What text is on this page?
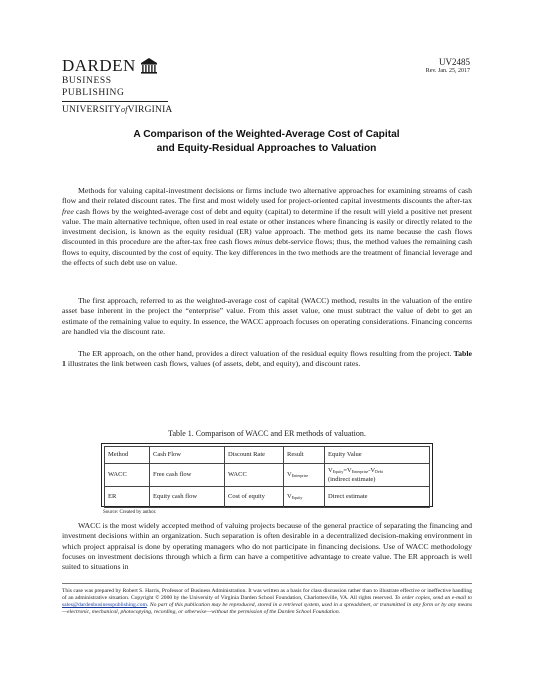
DARDEN
BUSINESS PUBLISHING
UNIVERSITYofVIRGINIA
UV2485
Rev. Jan. 25, 2017
A Comparison of the Weighted-Average Cost of Capital
and Equity-Residual Approaches to Valuation
Methods for valuing capital-investment decisions or firms include two alternative approaches for examining streams of cash flow and their related discount rates. The first and most widely used for project-oriented capital investments discounts the after-tax free cash flows by the weighted-average cost of debt and equity (capital) to determine if the result will yield a positive net present value. The main alternative technique, often used in real estate or other instances where financing is easily or directly related to the investment decision, is known as the equity residual (ER) value approach. The method gets its name because the cash flows discounted in this procedure are the after-tax free cash flows minus debt-service flows; thus, the method values the remaining cash flows to equity, discounted by the cost of equity. The key differences in the two methods are the treatment of financial leverage and the effects of such debt use on value.
The first approach, referred to as the weighted-average cost of capital (WACC) method, results in the valuation of the entire asset base inherent in the project the “enterprise” value. From this asset value, one must subtract the value of debt to get an estimate of the remaining value to equity. In essence, the WACC approach focuses on operating considerations. Financing concerns are handled via the discount rate.
The ER approach, on the other hand, provides a direct valuation of the residual equity flows resulting from the project. Table 1 illustrates the link between cash flows, values (of assets, debt, and equity), and discount rates.
Table 1. Comparison of WACC and ER methods of valuation.
Method	Cash Flow	Discount Rate	Result	Equity Value
WACC	Free cash flow	WACC	$V_{Enterprise}$	$V_{Equity}=V_{Enterprise}-V_{Debt}$
(indirect estimate)
ER	Equity cash flow	Cost of equity	$V_{Equity}$	Direct estimate
Source: Created by author.
WACC is the most widely accepted method of valuing projects because of the general practice of separating the financing and investment decisions within an organization. Such separation is often desirable in a decentralized decision-making environment in which project appraisal is done by operating managers who do not participate in financing decisions. Use of WACC methodology focuses on investment decisions through which a firm can have a competitive advantage to create value. The ER approach is well suited to situations in
This case was prepared by Robert S. Harris, Professor of Business Administration. It was written as a basis for class discussion rather than to illustrate effective or ineffective handling of an administrative situation. Copyright © 2000 by the University of Virginia Darden School Foundation, Charlottesville, VA. All rights reserved. To order copies, send an e-mail to sales@dardenbusinesspublishing.com. No part of this publication may be reproduced, stored in a retrieval system, used in a spreadsheet, or transmitted in any form or by any means—electronic, mechanical, photocopying, recording, or otherwise—without the permission of the Darden School Foundation.
